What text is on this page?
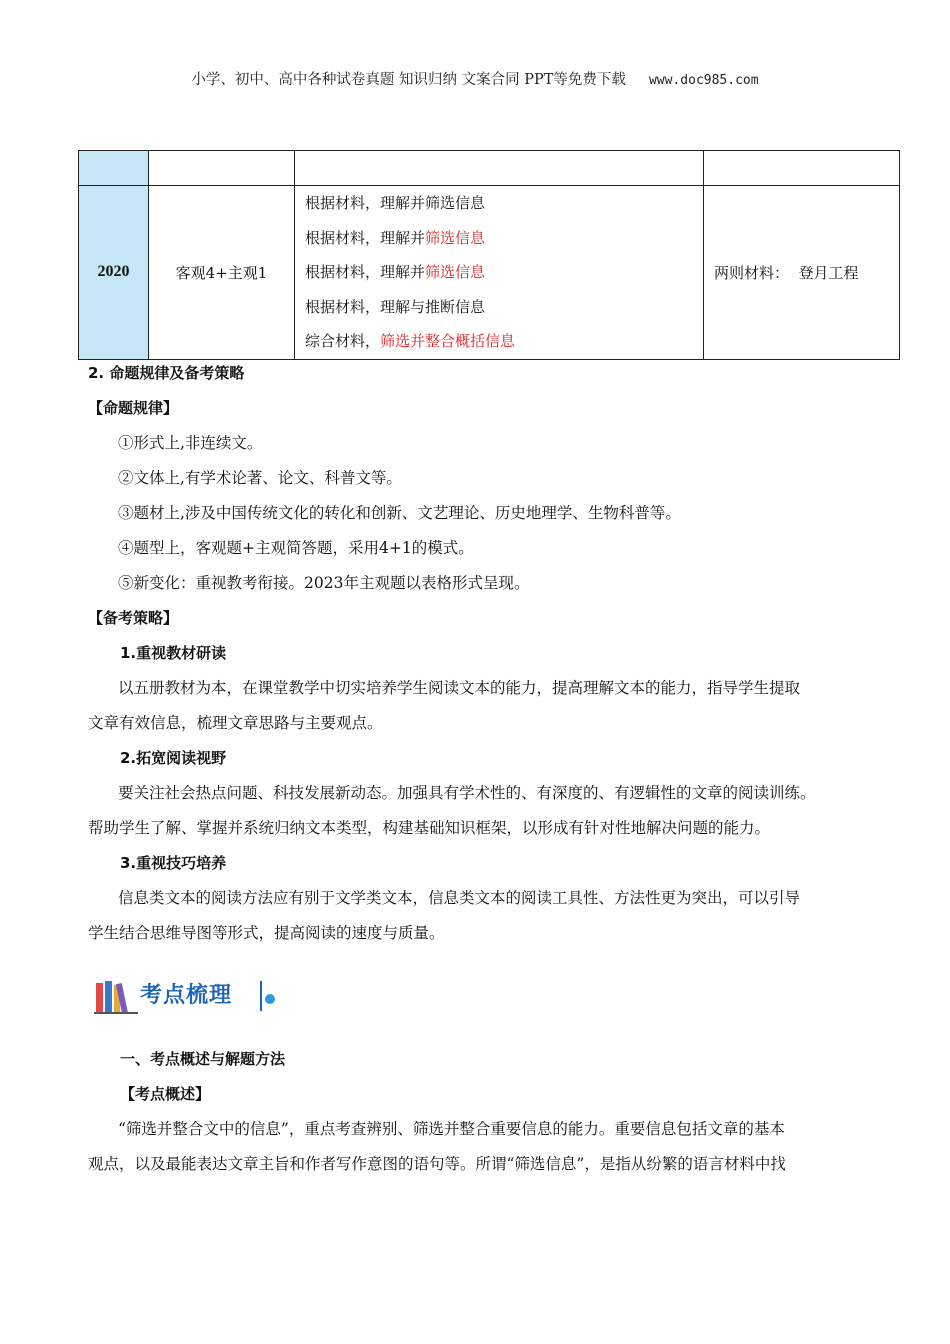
小学、初中、高中各种试卷真题 知识归纳 文案合同 PPT等免费下载 www.doc985.com

2020	客观4+主观1	根据材料，理解并筛选信息
根据材料，理解并筛选信息
根据材料，理解并筛选信息
根据材料，理解与推断信息
综合材料，筛选并整合概括信息	两则材料：  登月工程
2. 命题规律及备考策略
【命题规律】
①形式上,非连续文。
②文体上,有学术论著、论文、科普文等。
③题材上,涉及中国传统文化的转化和创新、文艺理论、历史地理学、生物科普等。
④题型上，客观题+主观简答题，采用4+1的模式。
⑤新变化：重视教考衔接。2023年主观题以表格形式呈现。
【备考策略】
1.重视教材研读
以五册教材为本，在课堂教学中切实培养学生阅读文本的能力，提高理解文本的能力，指导学生提取
文章有效信息，梳理文章思路与主要观点。
2.拓宽阅读视野
要关注社会热点问题、科技发展新动态。加强具有学术性的、有深度的、有逻辑性的文章的阅读训练。
帮助学生了解、掌握并系统归纳文本类型，构建基础知识框架，以形成有针对性地解决问题的能力。
3.重视技巧培养
信息类文本的阅读方法应有别于文学类文本，信息类文本的阅读工具性、方法性更为突出，可以引导
学生结合思维导图等形式，提高阅读的速度与质量。
考点梳理
一、考点概述与解题方法
【考点概述】
“筛选并整合文中的信息”，重点考查辨别、筛选并整合重要信息的能力。重要信息包括文章的基本
观点，以及最能表达文章主旨和作者写作意图的语句等。所谓“筛选信息”，是指从纷繁的语言材料中找
